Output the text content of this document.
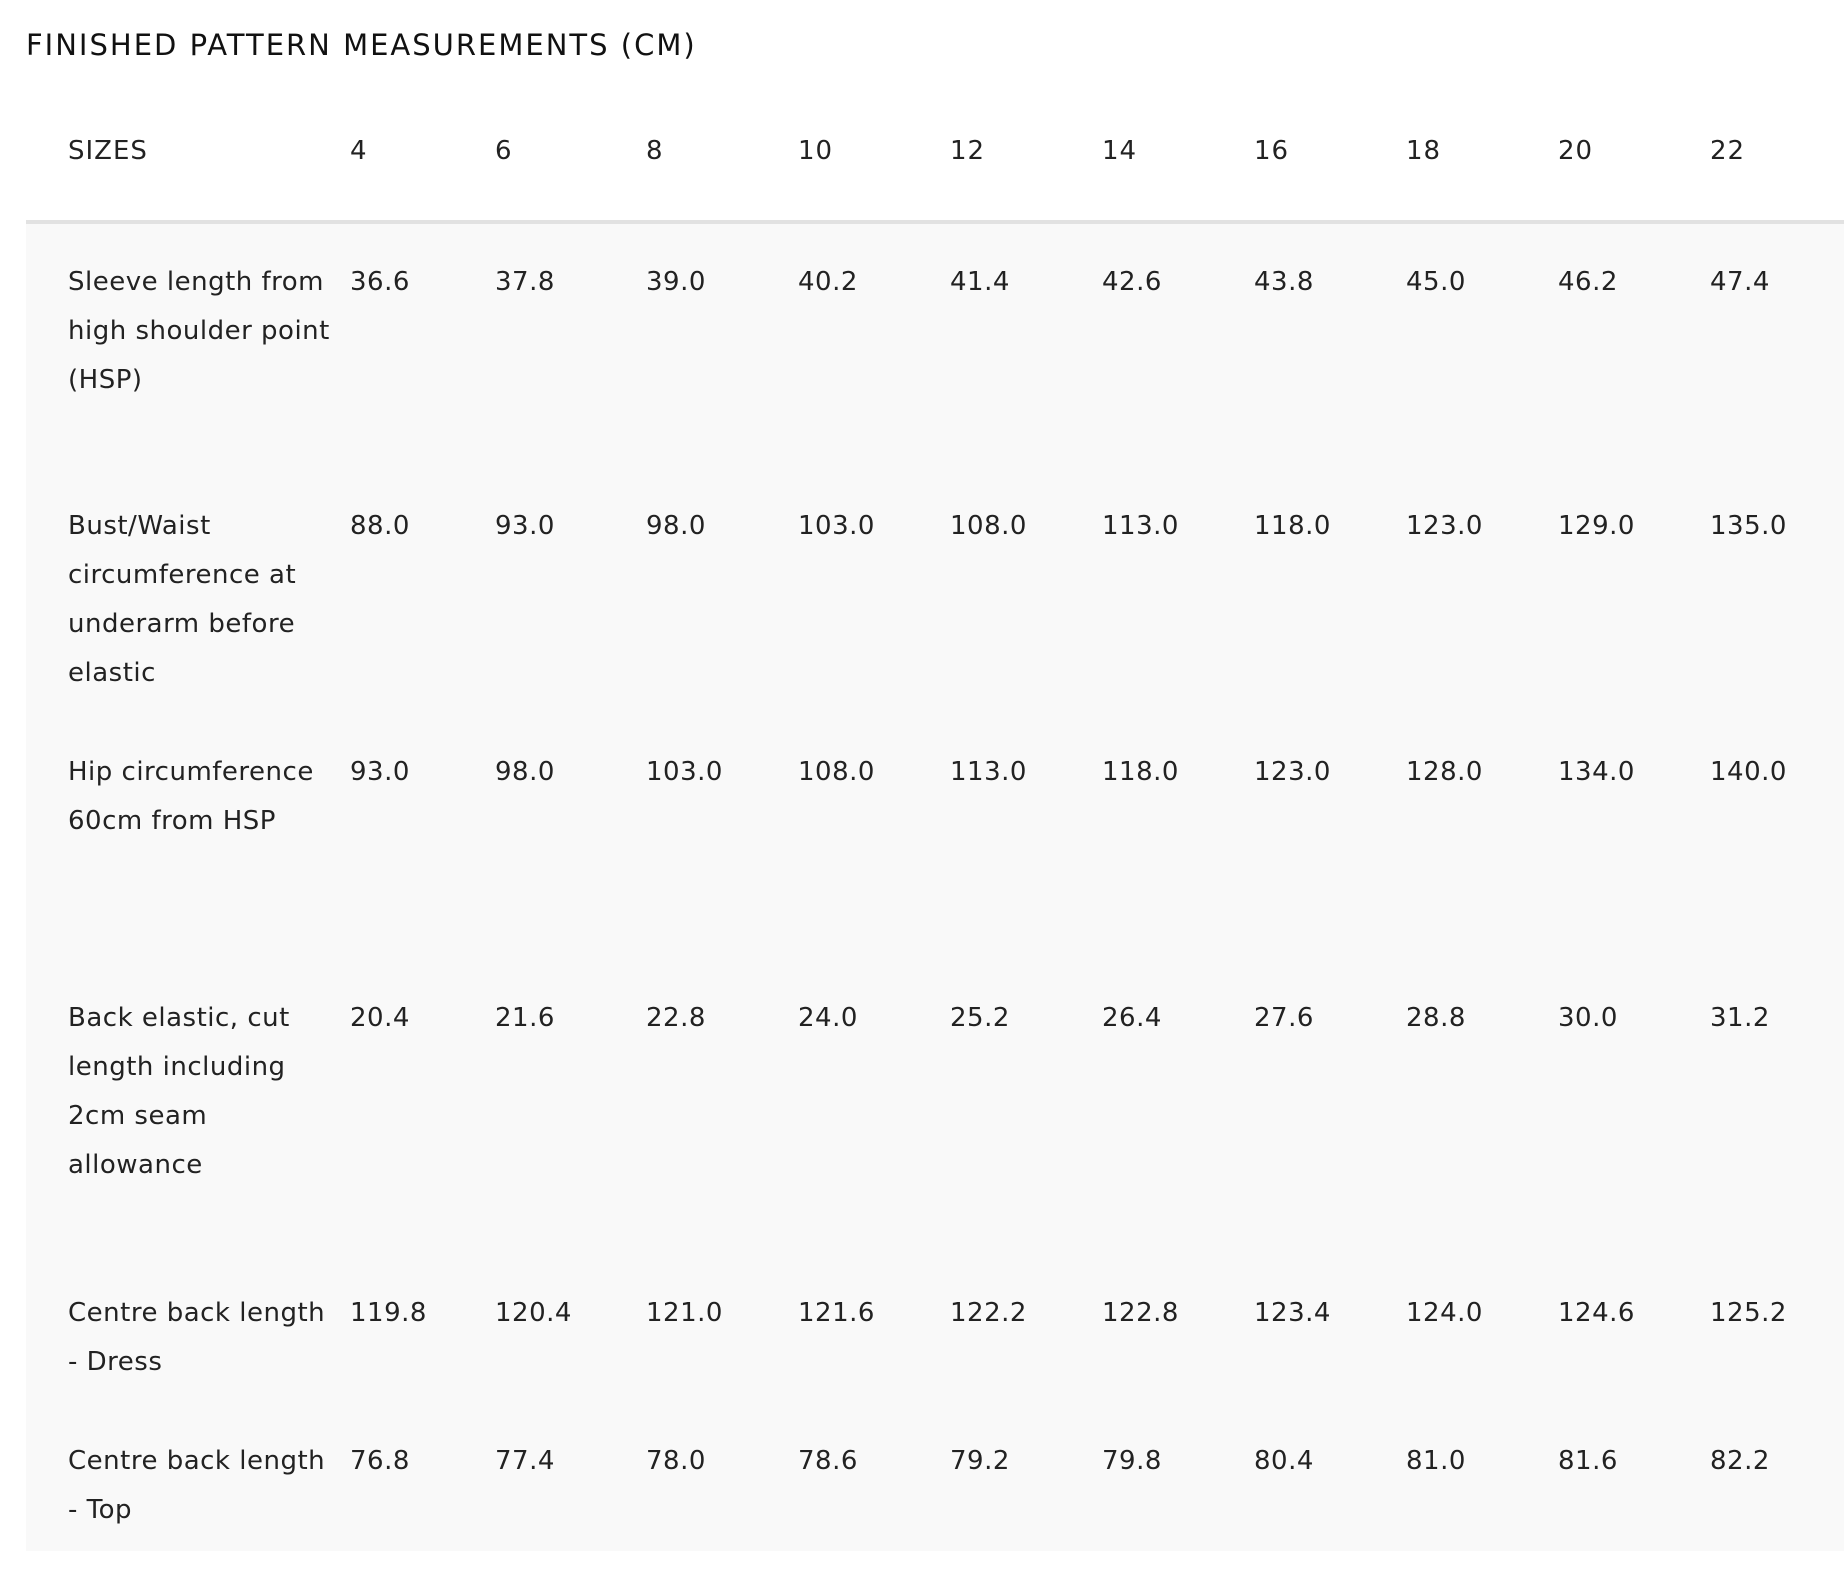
FINISHED PATTERN MEASUREMENTS (CM)
SIZES	4	6	8	10	12	14	16	18	20	22
Sleeve length from high shoulder point (HSP)	36.6	37.8	39.0	40.2	41.4	42.6	43.8	45.0	46.2	47.4
Bust/Waist circumference at underarm before elastic	88.0	93.0	98.0	103.0	108.0	113.0	118.0	123.0	129.0	135.0
Hip circumference 60cm from HSP	93.0	98.0	103.0	108.0	113.0	118.0	123.0	128.0	134.0	140.0
Back elastic, cut length including 2cm seam allowance	20.4	21.6	22.8	24.0	25.2	26.4	27.6	28.8	30.0	31.2
Centre back length - Dress	119.8	120.4	121.0	121.6	122.2	122.8	123.4	124.0	124.6	125.2
Centre back length - Top	76.8	77.4	78.0	78.6	79.2	79.8	80.4	81.0	81.6	82.2
